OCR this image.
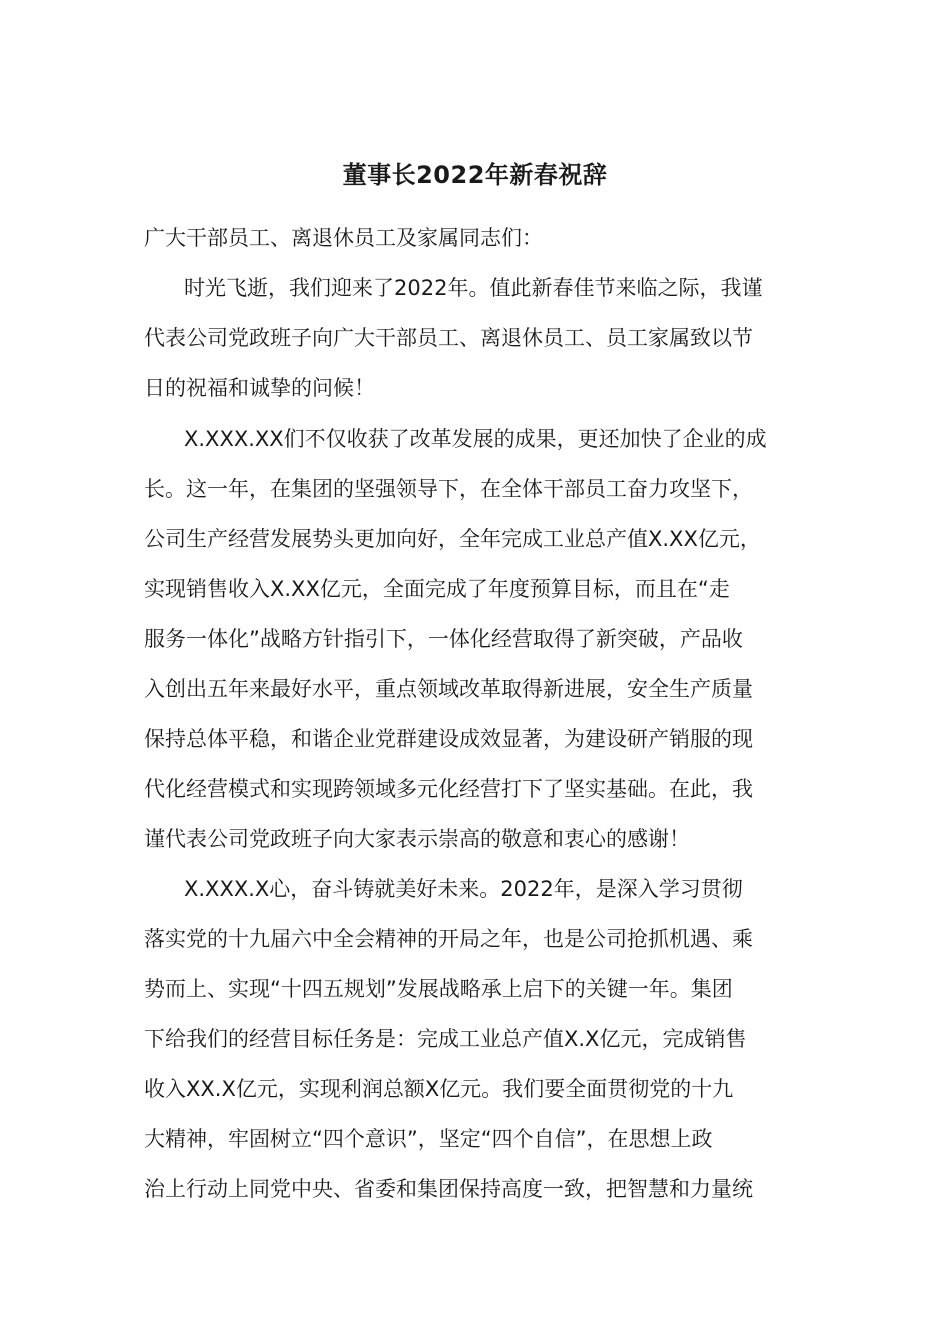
董事长2022年新春祝辞

广大干部员工、离退休员工及家属同志们：

时光飞逝，我们迎来了2022年。值此新春佳节来临之际，我谨

代表公司党政班子向广大干部员工、离退休员工、员工家属致以节

日的祝福和诚挚的问候！

X.XXX.XX们不仅收获了改革发展的成果，更还加快了企业的成

长。这一年，在集团的坚强领导下，在全体干部员工奋力攻坚下，

公司生产经营发展势头更加向好，全年完成工业总产值X.XX亿元，

实现销售收入X.XX亿元，全面完成了年度预算目标，而且在“走

服务一体化”战略方针指引下，一体化经营取得了新突破，产品收

入创出五年来最好水平，重点领域改革取得新进展，安全生产质量

保持总体平稳，和谐企业党群建设成效显著，为建设研产销服的现

代化经营模式和实现跨领域多元化经营打下了坚实基础。在此，我

谨代表公司党政班子向大家表示崇高的敬意和衷心的感谢！

X.XXX.X心，奋斗铸就美好未来。2022年，是深入学习贯彻

落实党的十九届六中全会精神的开局之年，也是公司抢抓机遇、乘

势而上、实现“十四五规划”发展战略承上启下的关键一年。集团

下给我们的经营目标任务是：完成工业总产值X.X亿元，完成销售

收入XX.X亿元，实现利润总额X亿元。我们要全面贯彻党的十九

大精神，牢固树立“四个意识”，坚定“四个自信”，在思想上政

治上行动上同党中央、省委和集团保持高度一致，把智慧和力量统
